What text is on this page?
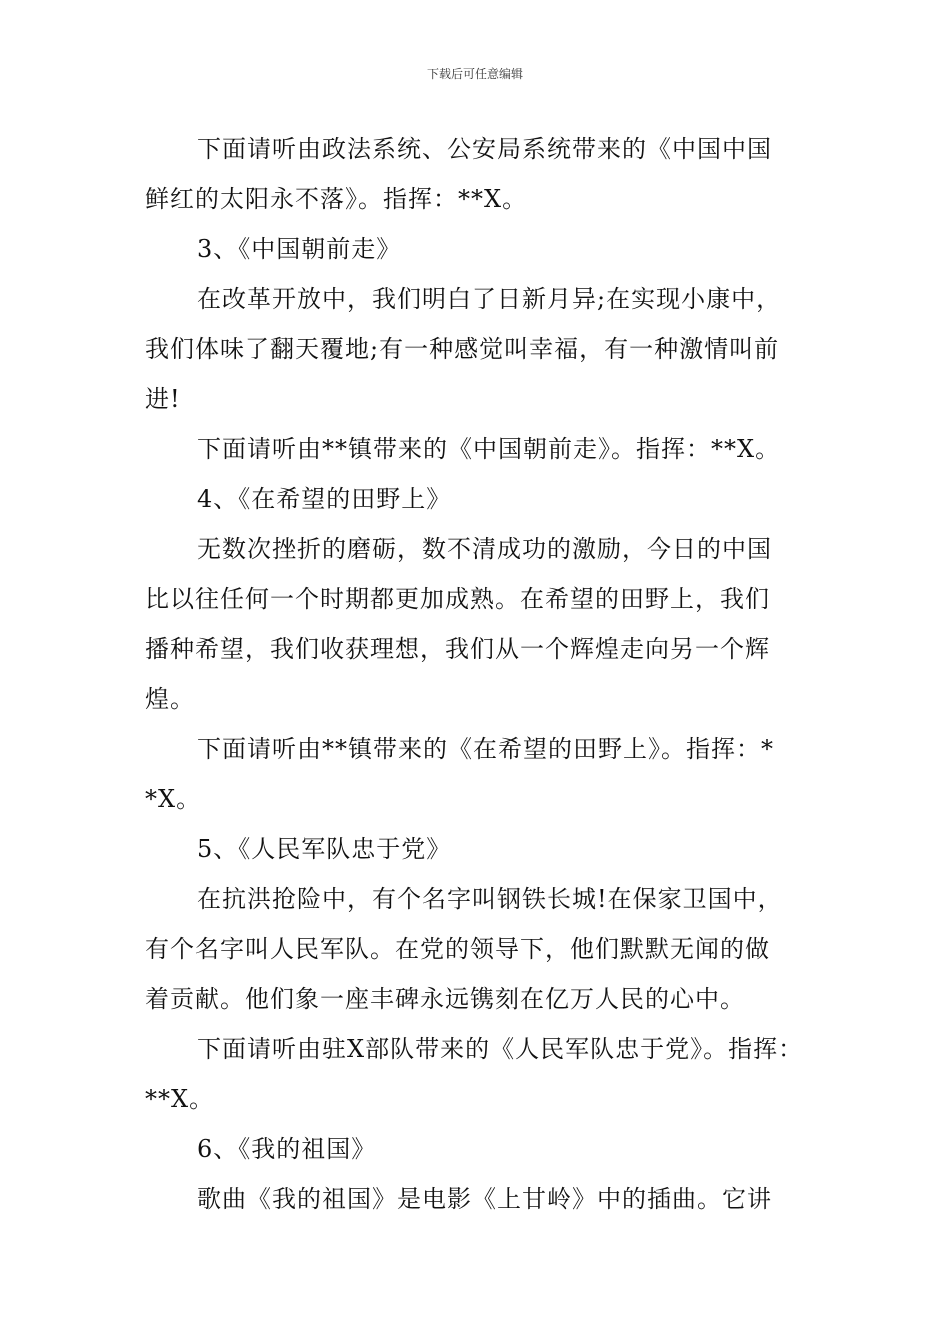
下载后可任意编辑
下面请听由政法系统、公安局系统带来的《中国中国
鲜红的太阳永不落》。指挥：**X。
3、《中国朝前走》
在改革开放中，我们明白了日新月异;在实现小康中，
我们体味了翻天覆地;有一种感觉叫幸福，有一种激情叫前
进!
下面请听由**镇带来的《中国朝前走》。指挥：**X。
4、《在希望的田野上》
无数次挫折的磨砺，数不清成功的激励，今日的中国
比以往任何一个时期都更加成熟。在希望的田野上，我们
播种希望，我们收获理想，我们从一个辉煌走向另一个辉
煌。
下面请听由**镇带来的《在希望的田野上》。指挥：*
*X。
5、《人民军队忠于党》
在抗洪抢险中，有个名字叫钢铁长城!在保家卫国中，
有个名字叫人民军队。在党的领导下，他们默默无闻的做
着贡献。他们象一座丰碑永远镌刻在亿万人民的心中。
下面请听由驻X部队带来的《人民军队忠于党》。指挥：
**X。
6、《我的祖国》
歌曲《我的祖国》是电影《上甘岭》中的插曲。它讲
